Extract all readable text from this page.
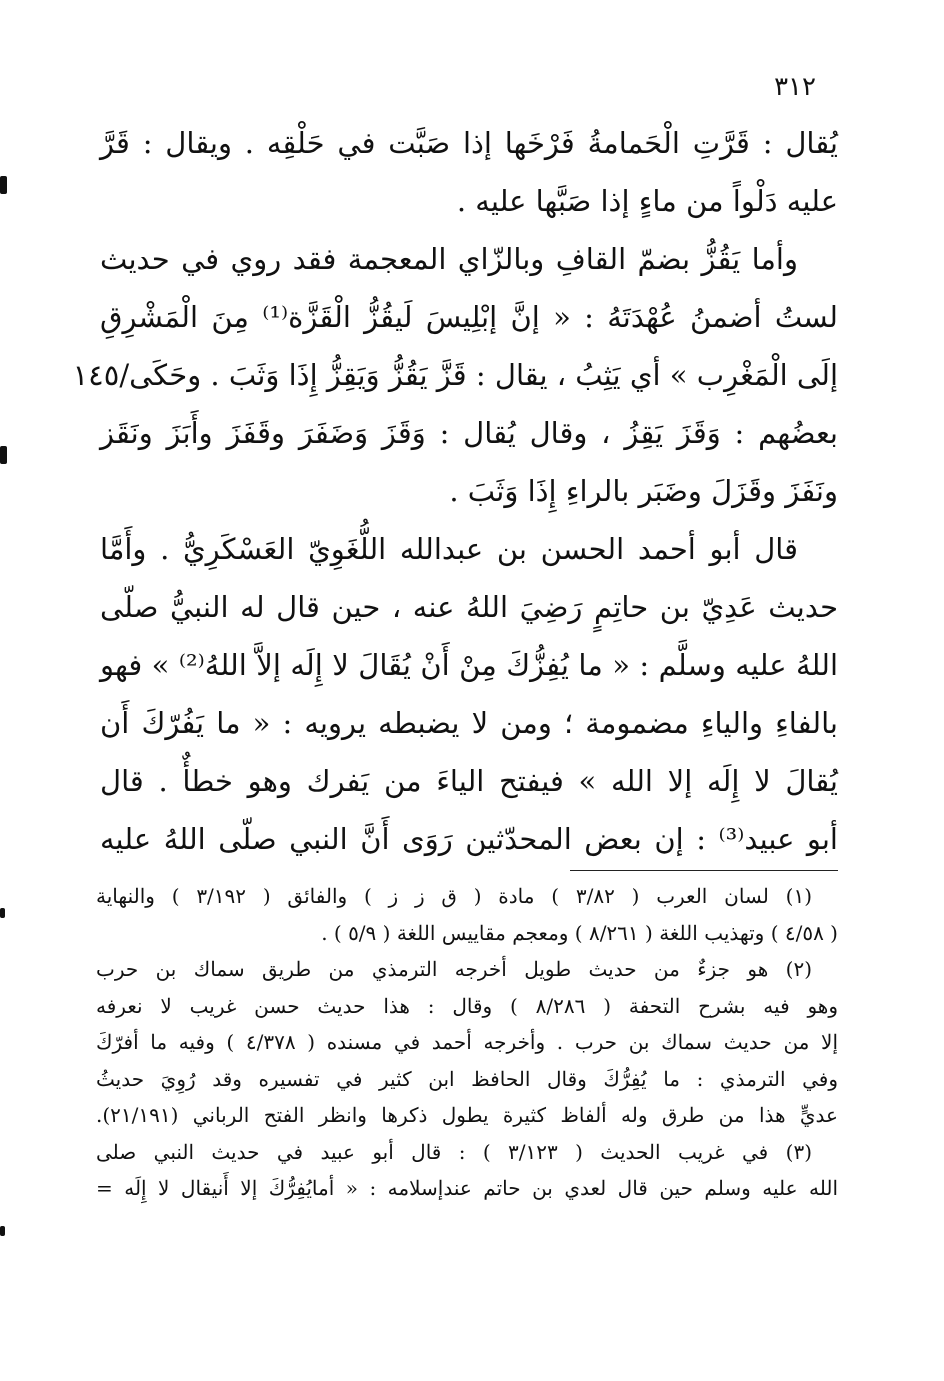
٣١٢
يُقال : قَرَّتِ الْحَمامةُ فَرْخَها إذا صَبَّت في حَلْقِه . ويقال : قَرَّ
عليه دَلْواً من ماءٍ إذا صَبَّها عليه .
وأما يَقُزُّ بضمّ القافِ وبالزّاي المعجمة فقد روي في حديث
لستُ أضمنُ عُهْدَتَهُ : « إنَّ إبْلِيسَ لَيقُزُّ الْقَزَّة⁽¹⁾ مِنَ الْمَشْرِقِ
إلَى الْمَغْرِب » أي يَثِبُ ، يقال : قَزَّ يَقُزُّ وَيَقِزُّ إِذَا وَثَبَ . وحَكَى/١٤٥
بعضُهم : وَقَزَ يَقِزُ ، وقال يُقال : وَقَزَ وَضَفَرَ وقَفَزَ وأَبَزَ ونَقَز
ونَفَزَ وقَزَلَ وضَبَر بالراءِ إِذَا وَثَبَ .
قال أبو أحمد الحسن بن عبدالله اللُّغَوِيّ العَسْكَرِيُّ . وأَمَّا
حديث عَدِيّ بن حاتِمٍ رَضِيَ اللهُ عنه ، حين قال له النبيُّ صلّى
اللهُ عليه وسلَّم : « ما يُفِزُّكَ مِنْ أَنْ يُقَالَ لا إِلَه إلاَّ اللهُ⁽²⁾ » فهو
بالفاءِ والياءِ مضمومة ؛ ومن لا يضبطه يرويه : « ما يَفُرّكَ أَن
يُقالَ لا إِلَه إلا الله » فيفتح الياءَ من يَفرك وهو خطأٌ . قال
أبو عبيد⁽³⁾ : إن بعض المحدّثين رَوَى أَنَّ النبي صلّى اللهُ عليه
(١) لسان العرب ( ٣/٨٢ ) مادة ( ق ز ز ) والفائق ( ٣/١٩٢ ) والنهاية
( ٤/٥٨ ) وتهذيب اللغة ( ٨/٢٦١ ) ومعجم مقاييس اللغة ( ٥/٩ ) .
(٢) هو جزءٌ من حديث طويل أخرجه الترمذي من طريق سماك بن حرب
وهو فيه بشرح التحفة ( ٨/٢٨٦ ) وقال : هذا حديث حسن غريب لا نعرفه
إلا من حديث سماك بن حرب . وأخرجه أحمد في مسنده ( ٤/٣٧٨ ) وفيه ما أفرّكَ
وفي الترمذي : ما يُفِرُّكَ وقال الحافظ ابن كثير في تفسيره وقد رُوِيَ حديثُ
عديٍّ هذا من طرق وله ألفاظ كثيرة يطول ذكرها وانظر الفتح الرباني (٢١/١٩١).
(٣) في غريب الحديث ( ٣/١٢٣ ) : قال أبو عبيد في حديث النبي صلى
الله عليه وسلم حين قال لعدي بن حاتم عندإسلامه : « أمايُفِرُّكَ إلا أَنيقال لا إِلَه =
